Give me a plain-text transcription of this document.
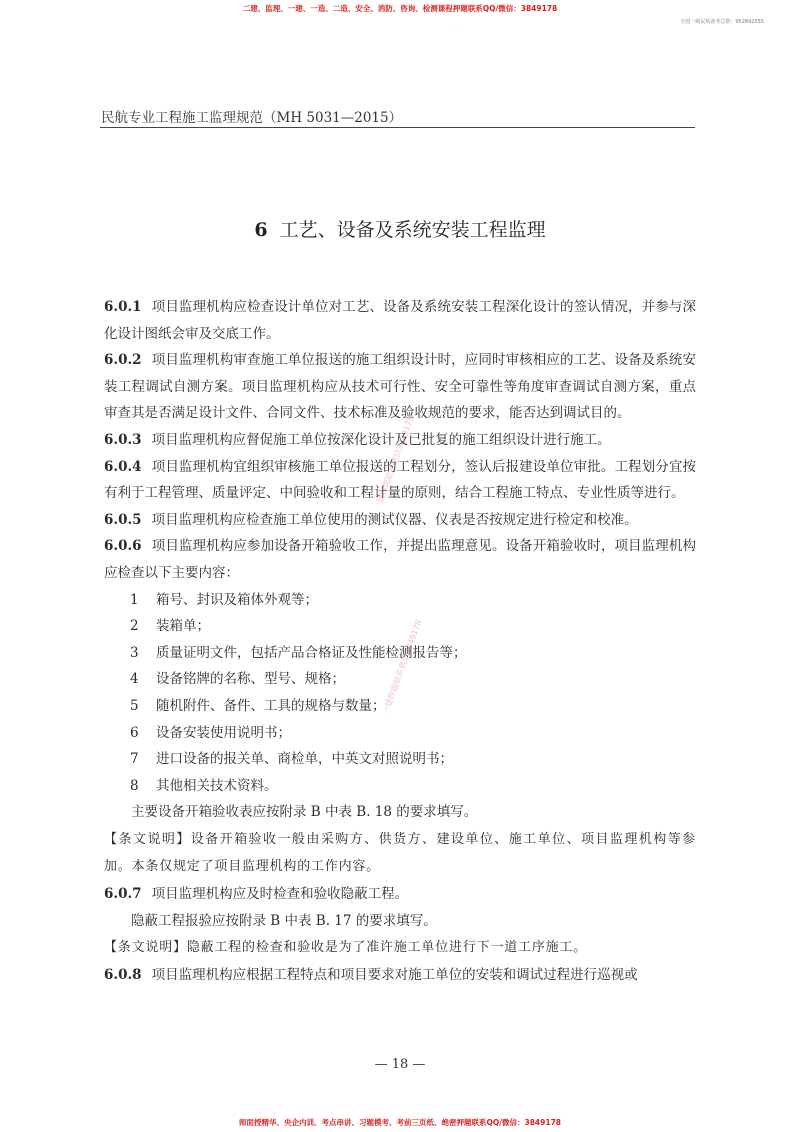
二建、监理、一建、一造、二造、安全、消防、咨询、检测课程押题联系QQ/微信：3849178
全国一级民航备考总群：952842555
民航专业工程施工监理规范（MH 5031—2015）
6 工艺、设备及系统安装工程监理

6.0.1 项目监理机构应检查设计单位对工艺、设备及系统安装工程深化设计的签认情况，并参与深化设计图纸会审及交底工作。

6.0.2 项目监理机构审查施工单位报送的施工组织设计时，应同时审核相应的工艺、设备及系统安装工程调试自测方案。项目监理机构应从技术可行性、安全可靠性等角度审查调试自测方案，重点审查其是否满足设计文件、合同文件、技术标准及验收规范的要求，能否达到调试目的。

6.0.3 项目监理机构应督促施工单位按深化设计及已批复的施工组织设计进行施工。

6.0.4 项目监理机构宜组织审核施工单位报送的工程划分，签认后报建设单位审批。工程划分宜按有利于工程管理、质量评定、中间验收和工程计量的原则，结合工程施工特点、专业性质等进行。

6.0.5 项目监理机构应检查施工单位使用的测试仪器、仪表是否按规定进行检定和校准。

6.0.6 项目监理机构应参加设备开箱验收工作，并提出监理意见。设备开箱验收时，项目监理机构应检查以下主要内容：

1 箱号、封识及箱体外观等；

2 装箱单；

3 质量证明文件，包括产品合格证及性能检测报告等；

4 设备铭牌的名称、型号、规格；

5 随机附件、备件、工具的规格与数量；

6 设备安装使用说明书；

7 进口设备的报关单、商检单，中英文对照说明书；

8 其他相关技术资料。

主要设备开箱验收表应按附录 B 中表 B. 18 的要求填写。

【条文说明】设备开箱验收一般由采购方、供货方、建设单位、施工单位、项目监理机构等参加。本条仅规定了项目监理机构的工作内容。

6.0.7 项目监理机构应及时检查和验收隐蔽工程。

隐蔽工程报验应按附录 B 中表 B. 17 的要求填写。

【条文说明】隐蔽工程的检查和验收是为了准许施工单位进行下一道工序施工。

6.0.8 项目监理机构应根据工程特点和项目要求对施工单位的安装和调试过程进行巡视或

一建押题联系微信3849178
一建押题联系微信3849178
— 18 —
师面授精华、央企内训、考点串讲、习题模考、考前三页纸、绝密押题联系QQ/微信：3849178
